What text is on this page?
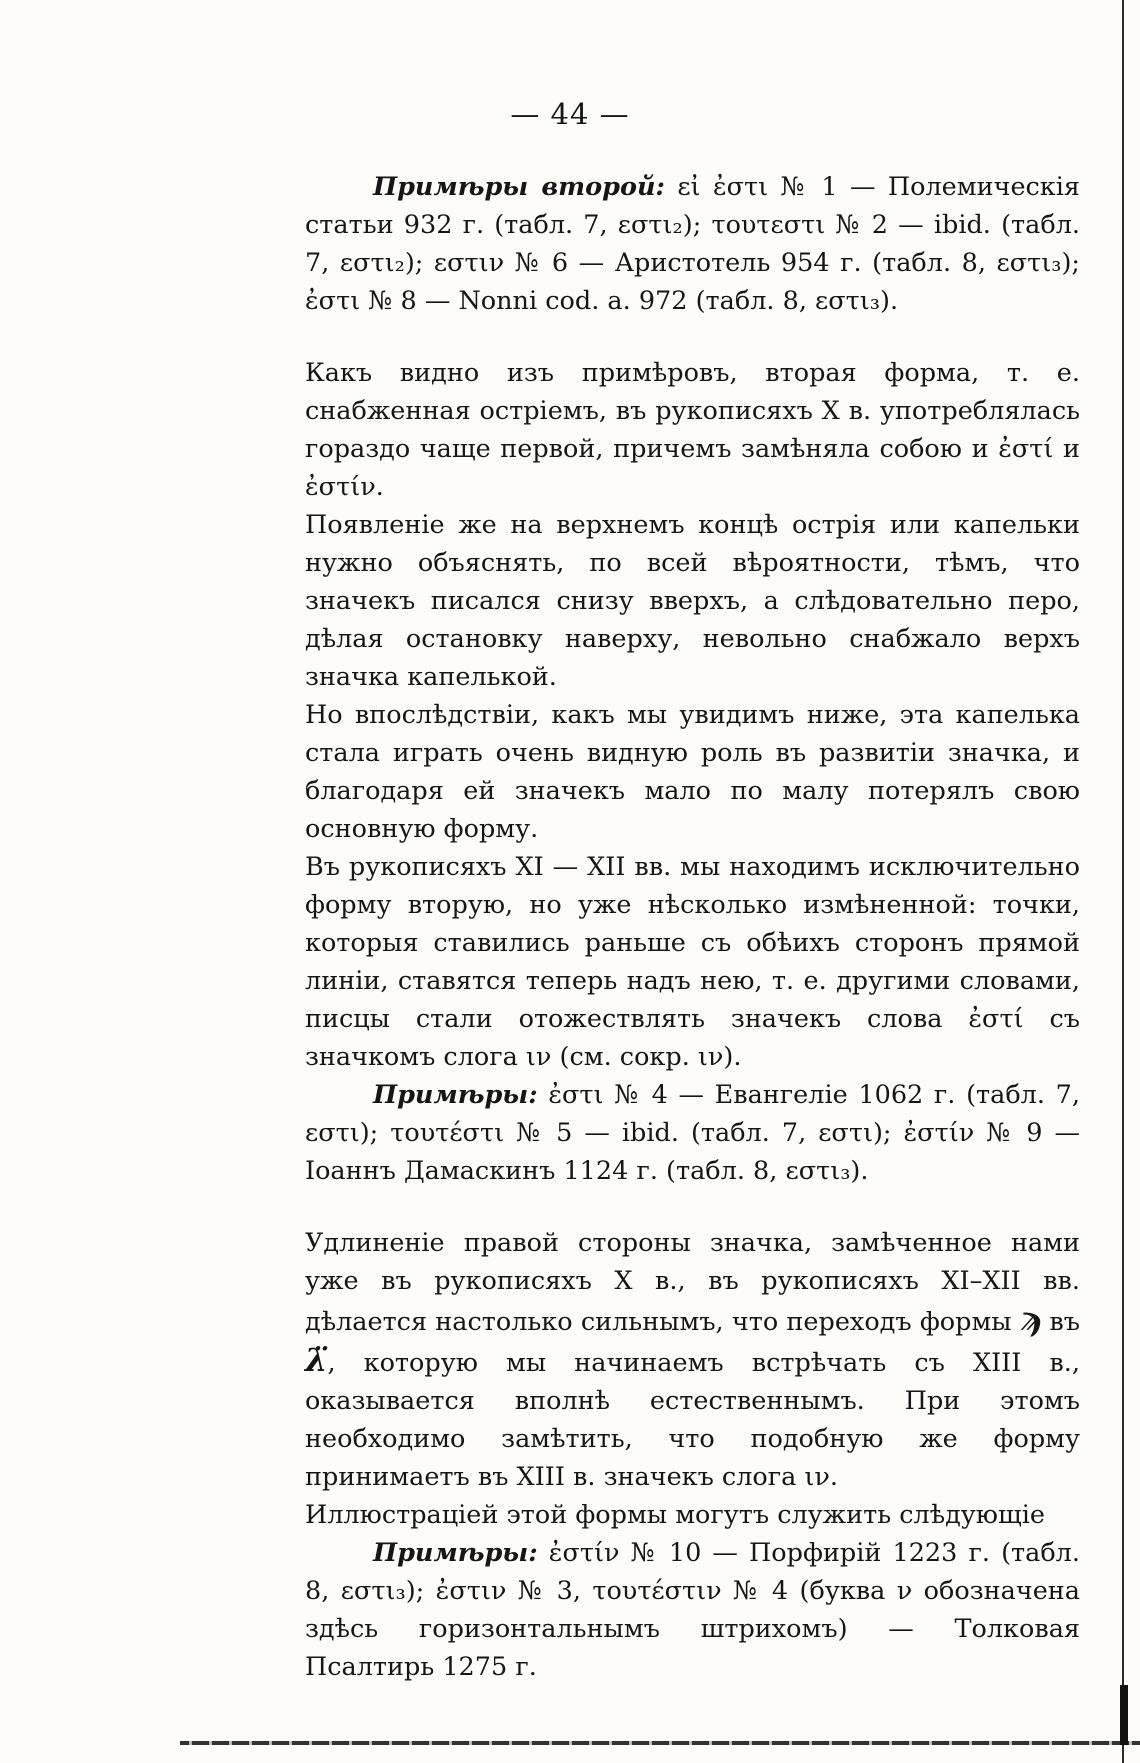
— 44 —

Примѣры второй: εἰ ἐστι № 1 — Полемическія статьи 932 г. (табл. 7, εστι₂); τουτεστι № 2 — ibid. (табл. 7, εστι₂); εστιν № 6 — Аристотель 954 г. (табл. 8, εστι₃); ἐστι № 8 — Nonni cod. a. 972 (табл. 8, εστι₃).

Какъ видно изъ примѣровъ, вторая форма, т. е. снабженная остріемъ, въ рукописяхъ X в. употреблялась гораздо чаще первой, причемъ замѣняла собою и ἐστί и ἐστίν.

Появленіе же на верхнемъ концѣ острія или капельки нужно объяснять, по всей вѣроятности, тѣмъ, что значекъ писался снизу вверхъ, а слѣдовательно перо, дѣлая остановку наверху, невольно снабжало верхъ значка капелькой.

Но впослѣдствіи, какъ мы увидимъ ниже, эта капелька стала играть очень видную роль въ развитіи значка, и благодаря ей значекъ мало по малу потерялъ свою основную форму.

Въ рукописяхъ XI — XII вв. мы находимъ исключительно форму вторую, но уже нѣсколько измѣненной: точки, которыя ставились раньше съ обѣихъ сторонъ прямой линіи, ставятся теперь надъ нею, т. е. другими словами, писцы стали отожествлять значекъ слова ἐστί съ значкомъ слога ιν (см. сокр. ιν).

Примѣры: ἐστι № 4 — Евангеліе 1062 г. (табл. 7, εστι); τουτέστι № 5 — ibid. (табл. 7, εστι); ἐστίν № 9 — Іоаннъ Дамаскинъ 1124 г. (табл. 8, εστι₃).

Удлиненіе правой стороны значка, замѣченное нами уже въ рукописяхъ X в., въ рукописяхъ XI–XII вв. дѣлается настолько сильнымъ, что переходъ формы ϡ въ λ̈, которую мы начинаемъ встрѣчать съ XIII в., оказывается вполнѣ естественнымъ. При этомъ необходимо замѣтить, что подобную же форму принимаетъ въ XIII в. значекъ слога ιν.

Иллюстраціей этой формы могутъ служить слѣдующіе

Примѣры: ἐστίν № 10 — Порфирій 1223 г. (табл. 8, εστι₃); ἐστιν № 3, τουτέστιν № 4 (буква ν обозначена здѣсь горизонтальнымъ штрихомъ) — Толковая Псалтирь 1275 г.
